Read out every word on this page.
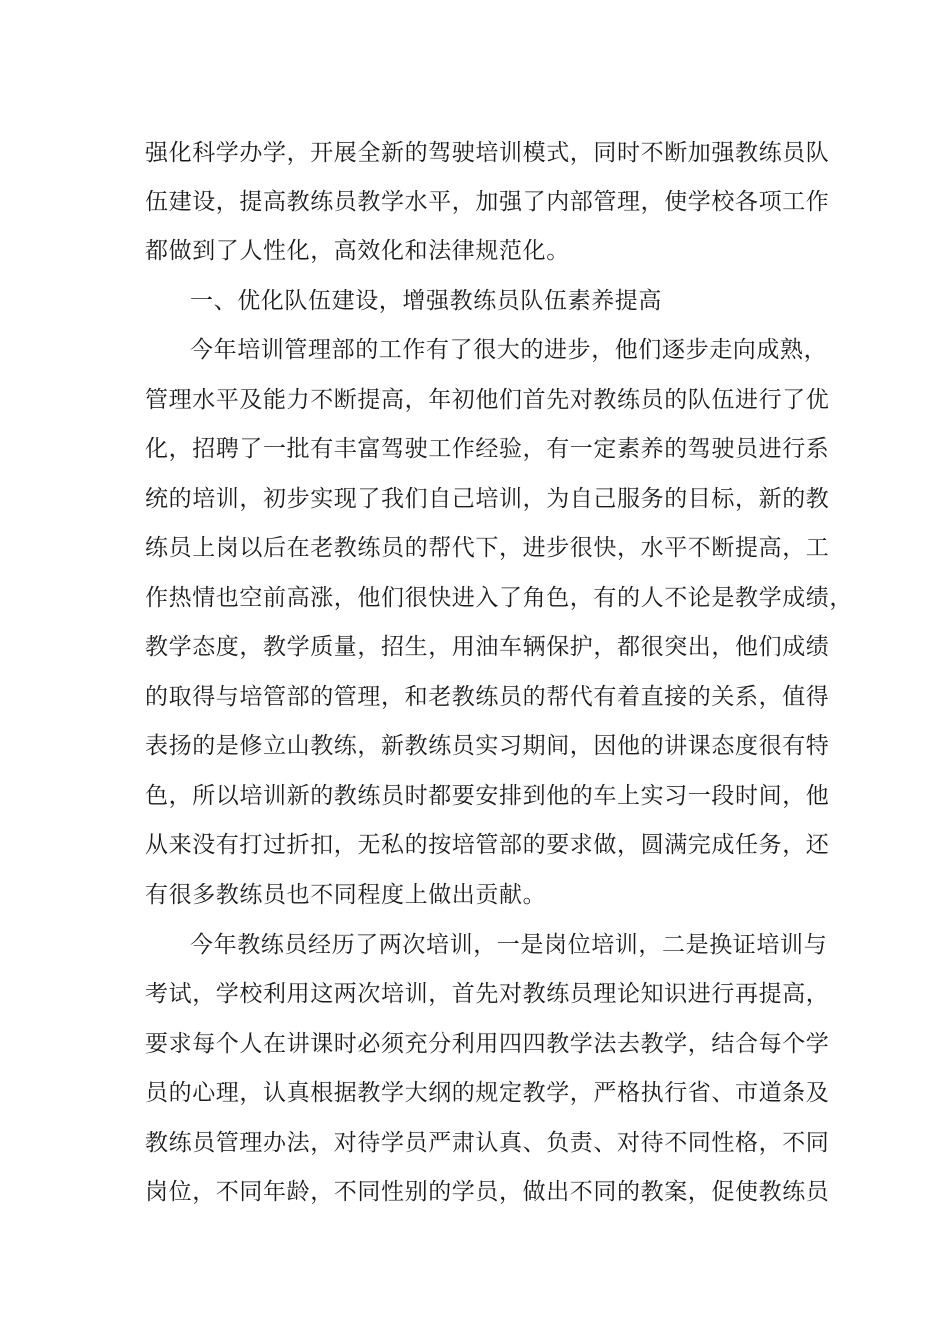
强化科学办学，开展全新的驾驶培训模式，同时不断加强教练员队
伍建设，提高教练员教学水平，加强了内部管理，使学校各项工作
都做到了人性化，高效化和法律规范化。
一、优化队伍建设，增强教练员队伍素养提高
今年培训管理部的工作有了很大的进步，他们逐步走向成熟，
管理水平及能力不断提高，年初他们首先对教练员的队伍进行了优
化，招聘了一批有丰富驾驶工作经验，有一定素养的驾驶员进行系
统的培训，初步实现了我们自己培训，为自己服务的目标，新的教
练员上岗以后在老教练员的帮代下，进步很快，水平不断提高，工
作热情也空前高涨，他们很快进入了角色，有的人不论是教学成绩，
教学态度，教学质量，招生，用油车辆保护，都很突出，他们成绩
的取得与培管部的管理，和老教练员的帮代有着直接的关系，值得
表扬的是修立山教练，新教练员实习期间，因他的讲课态度很有特
色，所以培训新的教练员时都要安排到他的车上实习一段时间，他
从来没有打过折扣，无私的按培管部的要求做，圆满完成任务，还
有很多教练员也不同程度上做出贡献。
今年教练员经历了两次培训，一是岗位培训，二是换证培训与
考试，学校利用这两次培训，首先对教练员理论知识进行再提高，
要求每个人在讲课时必须充分利用四四教学法去教学，结合每个学
员的心理，认真根据教学大纲的规定教学，严格执行省、市道条及
教练员管理办法，对待学员严肃认真、负责、对待不同性格，不同
岗位，不同年龄，不同性别的学员，做出不同的教案，促使教练员
